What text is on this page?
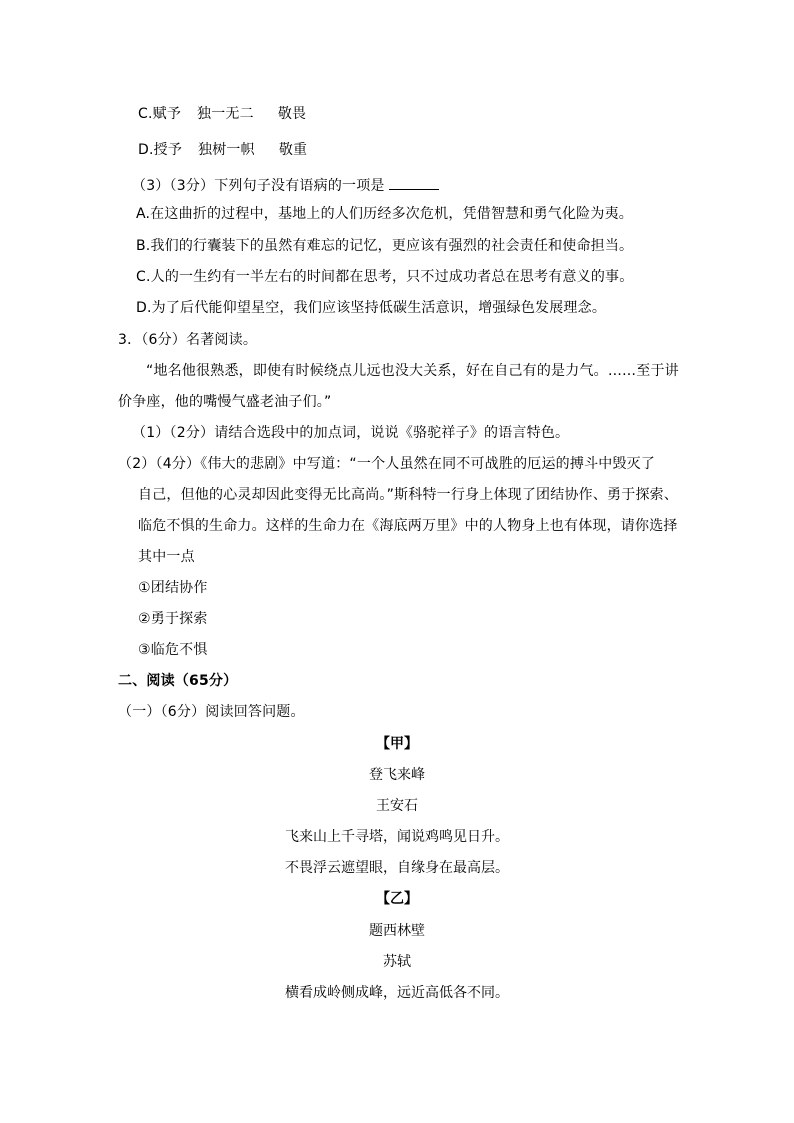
C.赋予 独一无二 敬畏
D.授予 独树一帜 敬重
（3）（3分）下列句子没有语病的一项是
A.在这曲折的过程中，基地上的人们历经多次危机，凭借智慧和勇气化险为夷。
B.我们的行囊装下的虽然有难忘的记忆，更应该有强烈的社会责任和使命担当。
C.人的一生约有一半左右的时间都在思考，只不过成功者总在思考有意义的事。
D.为了后代能仰望星空，我们应该坚持低碳生活意识，增强绿色发展理念。
3．（6分）名著阅读。
“地名他很熟悉，即使有时候绕点儿远也没大关系，好在自己有的是力气。……至于讲
价争座，他的嘴慢气盛老油子们。”
（1）（2分）请结合选段中的加点词，说说《骆驼祥子》的语言特色。
（2）（4分）《伟大的悲剧》中写道：“一个人虽然在同不可战胜的厄运的搏斗中毁灭了
自己，但他的心灵却因此变得无比高尚。”斯科特一行身上体现了团结协作、勇于探索、
临危不惧的生命力。这样的生命力在《海底两万里》中的人物身上也有体现，请你选择
其中一点
①团结协作
②勇于探索
③临危不惧
二、阅读（65分）
（一）（6分）阅读回答问题。
【甲】
登飞来峰
王安石
飞来山上千寻塔，闻说鸡鸣见日升。
不畏浮云遮望眼，自缘身在最高层。
【乙】
题西林壁
苏轼
横看成岭侧成峰，远近高低各不同。
